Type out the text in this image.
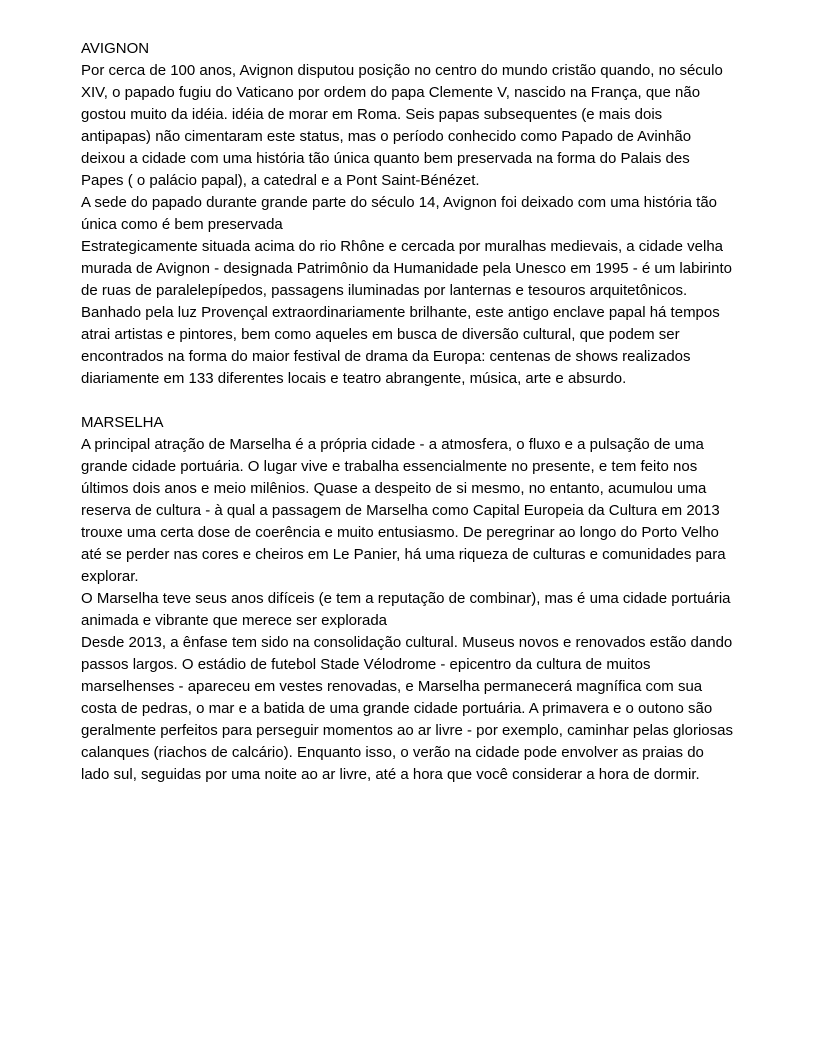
AVIGNON

Por cerca de 100 anos, Avignon disputou posição no centro do mundo cristão quando, no século XIV, o papado fugiu do Vaticano por ordem do papa Clemente V, nascido na França, que não gostou muito da idéia. idéia de morar em Roma. Seis papas subsequentes (e mais dois antipapas) não cimentaram este status, mas o período conhecido como Papado de Avinhão deixou a cidade com uma história tão única quanto bem preservada na forma do Palais des Papes ( o palácio papal), a catedral e a Pont Saint-Bénézet.

A sede do papado durante grande parte do século 14, Avignon foi deixado com uma história tão única como é bem preservada

Estrategicamente situada acima do rio Rhône e cercada por muralhas medievais, a cidade velha murada de Avignon - designada Patrimônio da Humanidade pela Unesco em 1995 - é um labirinto de ruas de paralelepípedos, passagens iluminadas por lanternas e tesouros arquitetônicos. Banhado pela luz Provençal extraordinariamente brilhante, este antigo enclave papal há tempos atrai artistas e pintores, bem como aqueles em busca de diversão cultural, que podem ser encontrados na forma do maior festival de drama da Europa: centenas de shows realizados diariamente em 133 diferentes locais e teatro abrangente, música, arte e absurdo.

MARSELHA

A principal atração de Marselha é a própria cidade - a atmosfera, o fluxo e a pulsação de uma grande cidade portuária. O lugar vive e trabalha essencialmente no presente, e tem feito nos últimos dois anos e meio milênios. Quase a despeito de si mesmo, no entanto, acumulou uma reserva de cultura - à qual a passagem de Marselha como Capital Europeia da Cultura em 2013 trouxe uma certa dose de coerência e muito entusiasmo. De peregrinar ao longo do Porto Velho até se perder nas cores e cheiros em Le Panier, há uma riqueza de culturas e comunidades para explorar.

O Marselha teve seus anos difíceis (e tem a reputação de combinar), mas é uma cidade portuária animada e vibrante que merece ser explorada

Desde 2013, a ênfase tem sido na consolidação cultural. Museus novos e renovados estão dando passos largos. O estádio de futebol Stade Vélodrome - epicentro da cultura de muitos marselhenses - apareceu em vestes renovadas, e Marselha permanecerá magnífica com sua costa de pedras, o mar e a batida de uma grande cidade portuária. A primavera e o outono são geralmente perfeitos para perseguir momentos ao ar livre - por exemplo, caminhar pelas gloriosas calanques (riachos de calcário). Enquanto isso, o verão na cidade pode envolver as praias do lado sul, seguidas por uma noite ao ar livre, até a hora que você considerar a hora de dormir.
